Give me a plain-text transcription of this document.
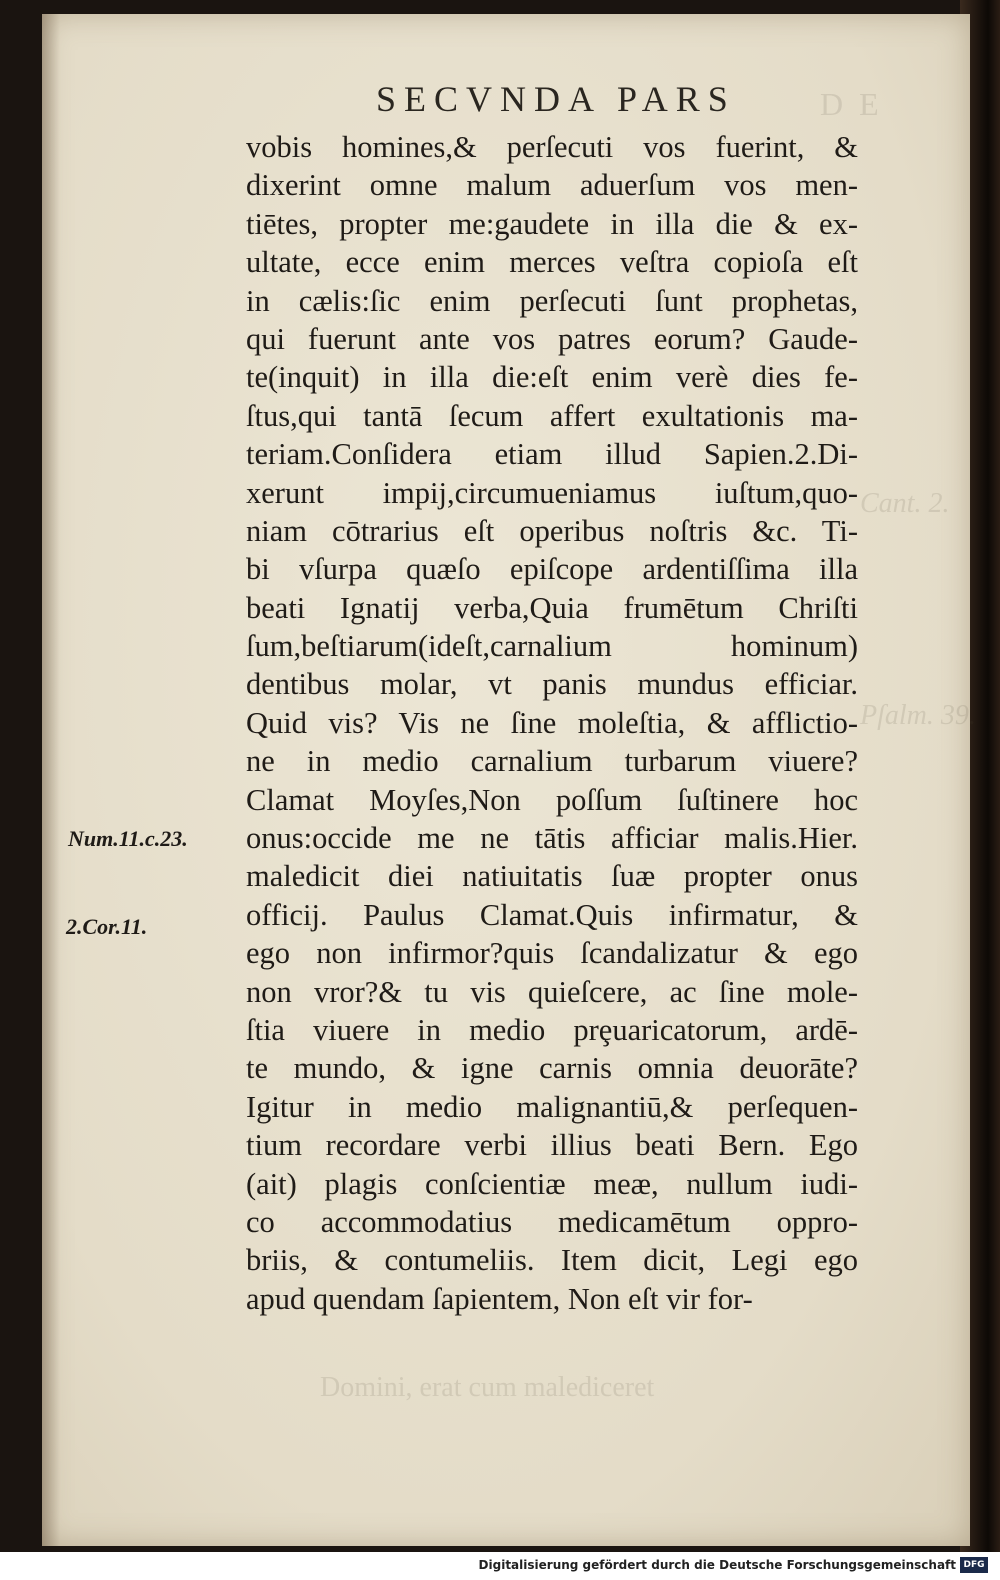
D E
Cant. 2.
Pſalm. 39.
Domini, erat cum malediceret
SECVNDA PARS
vobis homines,& perſecuti vos fuerint, &
dixerint omne malum aduerſum vos men-
tiētes, propter me:gaudete in illa die & ex-
ultate, ecce enim merces veſtra copioſa eſt
in cælis:ſic enim perſecuti ſunt prophetas,
qui fuerunt ante vos patres eorum? Gaude-
te(inquit) in illa die:eſt enim verè dies fe-
ſtus,qui tantā ſecum affert exultationis ma-
teriam.Conſidera etiam illud Sapien.2.Di-
xerunt impij,circumueniamus iuſtum,quo-
niam cōtrarius eſt operibus noſtris &c. Ti-
bi vſurpa quæſo epiſcope ardentiſſima illa
beati Ignatij verba,Quia frumētum Chriſti
ſum,beſtiarum(ideſt,carnalium hominum)
dentibus molar, vt panis mundus efficiar.
Quid vis? Vis ne ſine moleſtia, & afflictio-
ne in medio carnalium turbarum viuere?
Clamat Moyſes,Non poſſum ſuſtinere hoc
onus:occide me ne tātis afficiar malis.Hier.
maledicit diei natiuitatis ſuæ propter onus
officij. Paulus Clamat.Quis infirmatur, &
ego non infirmor?quis ſcandalizatur & ego
non vror?& tu vis quieſcere, ac ſine mole-
ſtia viuere in medio prȩuaricatorum, ardē-
te mundo, & igne carnis omnia deuorāte?
Igitur in medio malignantiū,& perſequen-
tium recordare verbi illius beati Bern. Ego
(ait) plagis conſcientiæ meæ, nullum iudi-
co accommodatius medicamētum oppro-
briis, & contumeliis. Item dicit, Legi ego
apud quendam ſapientem, Non eſt vir for-
Num.11.c.23.
2.Cor.11.
Digitalisierung gefördert durch die Deutsche Forschungsgemeinschaft DFG
